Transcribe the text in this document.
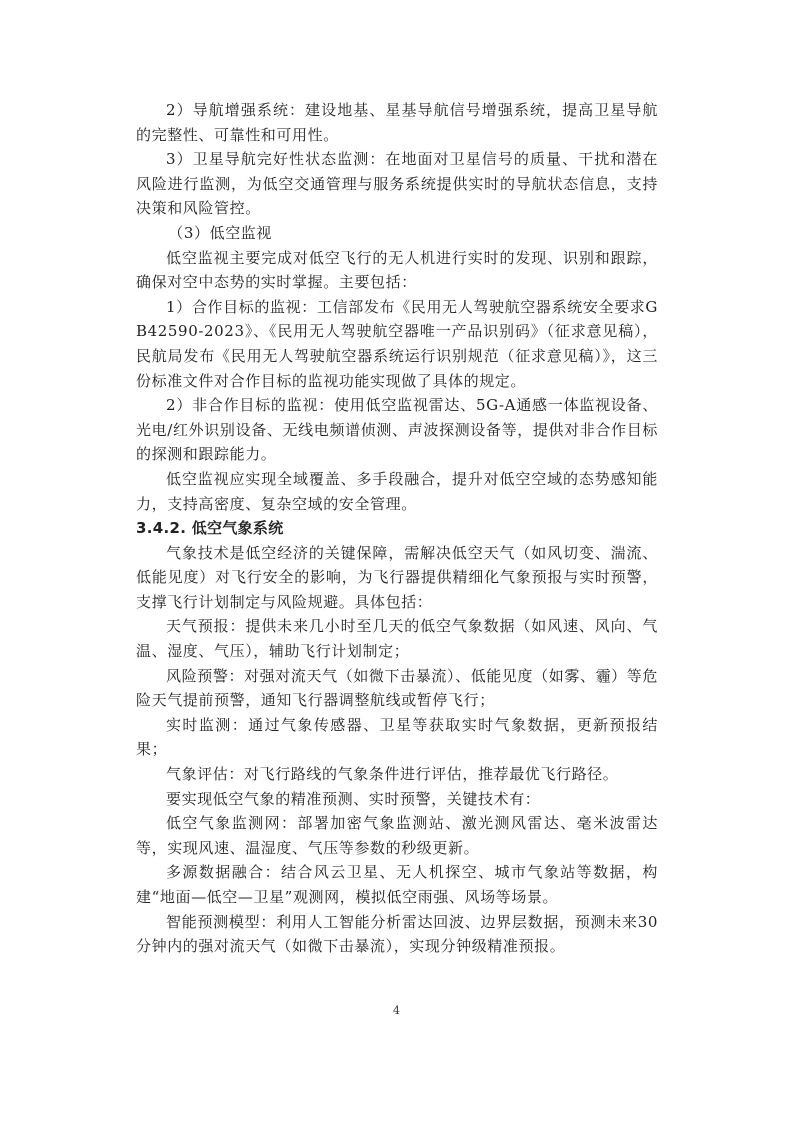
2）导航增强系统：建设地基、星基导航信号增强系统，提高卫星导航的完整性、可靠性和可用性。

3）卫星导航完好性状态监测：在地面对卫星信号的质量、干扰和潜在风险进行监测，为低空交通管理与服务系统提供实时的导航状态信息，支持决策和风险管控。

（3）低空监视

低空监视主要完成对低空飞行的无人机进行实时的发现、识别和跟踪，确保对空中态势的实时掌握。主要包括：

1）合作目标的监视：工信部发布《民用无人驾驶航空器系统安全要求GB42590-2023》、《民用无人驾驶航空器唯一产品识别码》（征求意见稿），民航局发布《民用无人驾驶航空器系统运行识别规范（征求意见稿）》，这三份标准文件对合作目标的监视功能实现做了具体的规定。

2）非合作目标的监视：使用低空监视雷达、5G-A通感一体监视设备、光电/红外识别设备、无线电频谱侦测、声波探测设备等，提供对非合作目标的探测和跟踪能力。

低空监视应实现全域覆盖、多手段融合，提升对低空空域的态势感知能力，支持高密度、复杂空域的安全管理。

3.4.2. 低空气象系统

气象技术是低空经济的关键保障，需解决低空天气（如风切变、湍流、低能见度）对飞行安全的影响，为飞行器提供精细化气象预报与实时预警，支撑飞行计划制定与风险规避。具体包括：

天气预报：提供未来几小时至几天的低空气象数据（如风速、风向、气温、湿度、气压），辅助飞行计划制定；

风险预警：对强对流天气（如微下击暴流）、低能见度（如雾、霾）等危险天气提前预警，通知飞行器调整航线或暂停飞行；

实时监测：通过气象传感器、卫星等获取实时气象数据，更新预报结果；

气象评估：对飞行路线的气象条件进行评估，推荐最优飞行路径。

要实现低空气象的精准预测、实时预警，关键技术有：

低空气象监测网：部署加密气象监测站、激光测风雷达、毫米波雷达等，实现风速、温湿度、气压等参数的秒级更新。

多源数据融合：结合风云卫星、无人机探空、城市气象站等数据，构建“地面—低空—卫星”观测网，模拟低空雨强、风场等场景。

智能预测模型：利用人工智能分析雷达回波、边界层数据，预测未来30分钟内的强对流天气（如微下击暴流），实现分钟级精准预报。

4
